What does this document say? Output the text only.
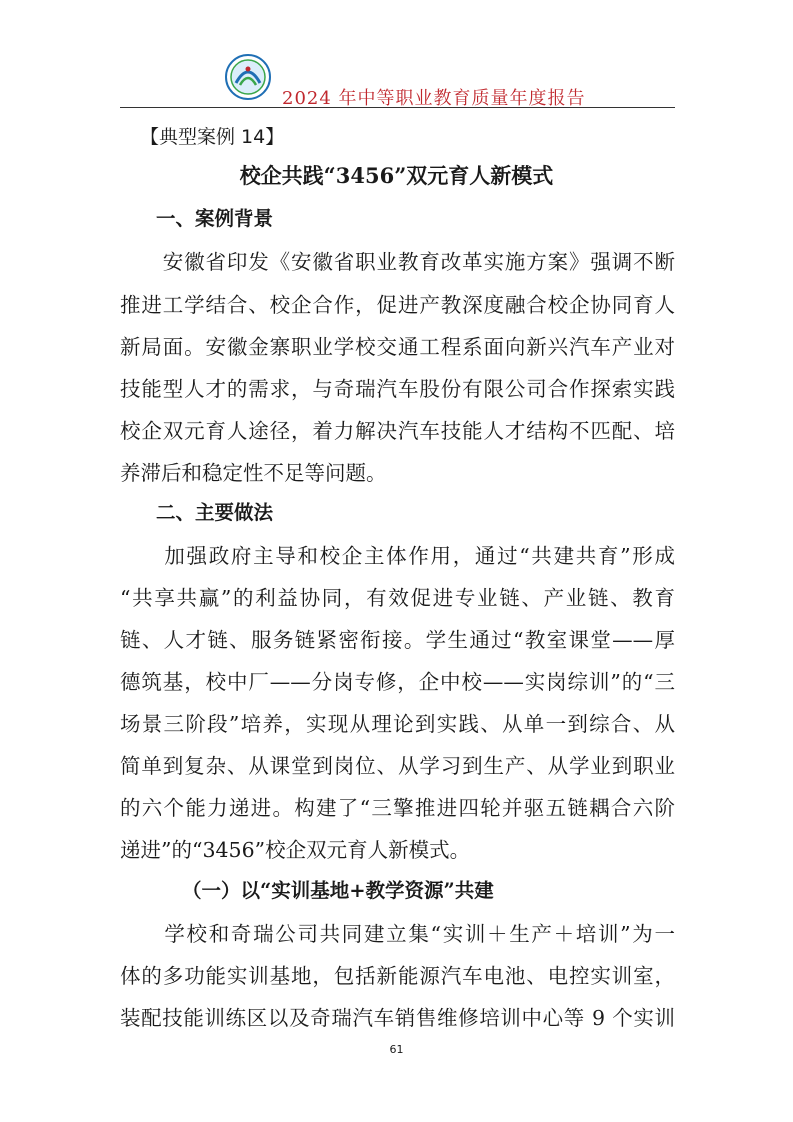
2024 年中等职业教育质量年度报告
【典型案例 14】
校企共践“3456”双元育人新模式
一、案例背景
　　安徽省印发《安徽省职业教育改革实施方案》强调不断
推进工学结合、校企合作，促进产教深度融合校企协同育人
新局面。安徽金寨职业学校交通工程系面向新兴汽车产业对
技能型人才的需求，与奇瑞汽车股份有限公司合作探索实践
校企双元育人途径，着力解决汽车技能人才结构不匹配、培
养滞后和稳定性不足等问题。
二、主要做法
　　加强政府主导和校企主体作用，通过“共建共育”形成
“共享共赢”的利益协同，有效促进专业链、产业链、教育
链、人才链、服务链紧密衔接。学生通过“教室课堂——厚
德筑基，校中厂——分岗专修，企中校——实岗综训”的“三
场景三阶段”培养，实现从理论到实践、从单一到综合、从
简单到复杂、从课堂到岗位、从学习到生产、从学业到职业
的六个能力递进。构建了“三擎推进四轮并驱五链耦合六阶
递进”的“3456”校企双元育人新模式。
（一）以“实训基地+教学资源”共建
　　学校和奇瑞公司共同建立集“实训＋生产＋培训”为一
体的多功能实训基地，包括新能源汽车电池、电控实训室，
装配技能训练区以及奇瑞汽车销售维修培训中心等 9 个实训
61
